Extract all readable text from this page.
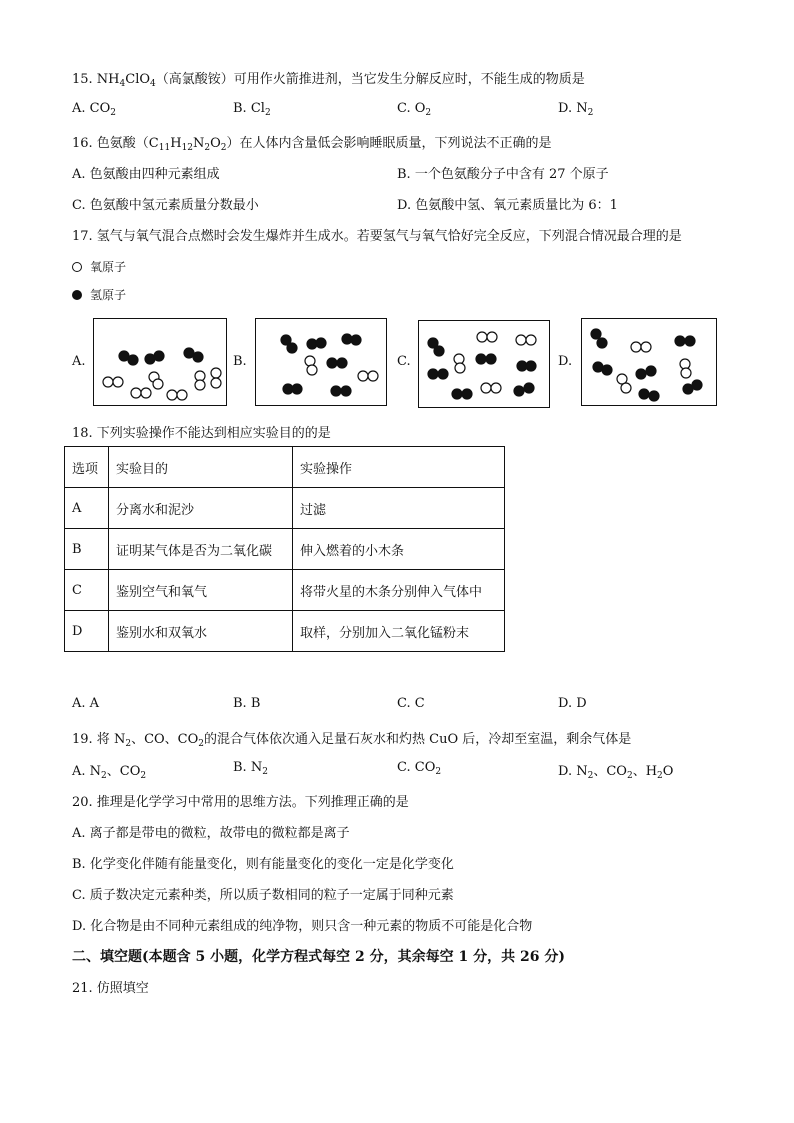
15. $NH_4ClO_4$（高氯酸铵）可用作火箭推进剂，当它发生分解反应时，不能生成的物质是
A. $CO_2$	B. $Cl_2$	C. $O_2$	D. $N_2$
16. 色氨酸$(C_{11}H_{12}N_2O_2)$在人体内含量低会影响睡眠质量，下列说法不正确的是
A. 色氨酸由四种元素组成	B. 一个色氨酸分子中含有 27 个原子
C. 色氨酸中氢元素质量分数最小	D. 色氨酸中氢、氧元素质量比为 6：1
17. 氢气与氧气混合点燃时会发生爆炸并生成水。若要氢气与氧气恰好完全反应，下列混合情况最合理的是
氧原子
氢原子
A.	B.	C.	D.
18. 下列实验操作不能达到相应实验目的的是
选项	实验目的	实验操作
A	分离水和泥沙	过滤
B	证明某气体是否为二氧化碳	伸入燃着的小木条
C	鉴别空气和氧气	将带火星的木条分别伸入气体中
D	鉴别水和双氧水	取样，分别加入二氧化锰粉末
A. A	B. B	C. C	D. D
19. 将 $N_2$、CO、$CO_2$的混合气体依次通入足量石灰水和灼热 CuO 后，冷却至室温，剩余气体是
A. $N_2$、$CO_2$
B. $N_2$	C. $CO_2$	D. $N_2$、$CO_2$、$H_2O$
20. 推理是化学学习中常用的思维方法。下列推理正确的是
A. 离子都是带电的微粒，故带电的微粒都是离子
B. 化学变化伴随有能量变化，则有能量变化的变化一定是化学变化
C. 质子数决定元素种类，所以质子数相同的粒子一定属于同种元素
D. 化合物是由不同种元素组成的纯净物，则只含一种元素的物质不可能是化合物
二、填空题(本题含 5 小题，化学方程式每空 2 分，其余每空 1 分，共 26 分)
21. 仿照填空
